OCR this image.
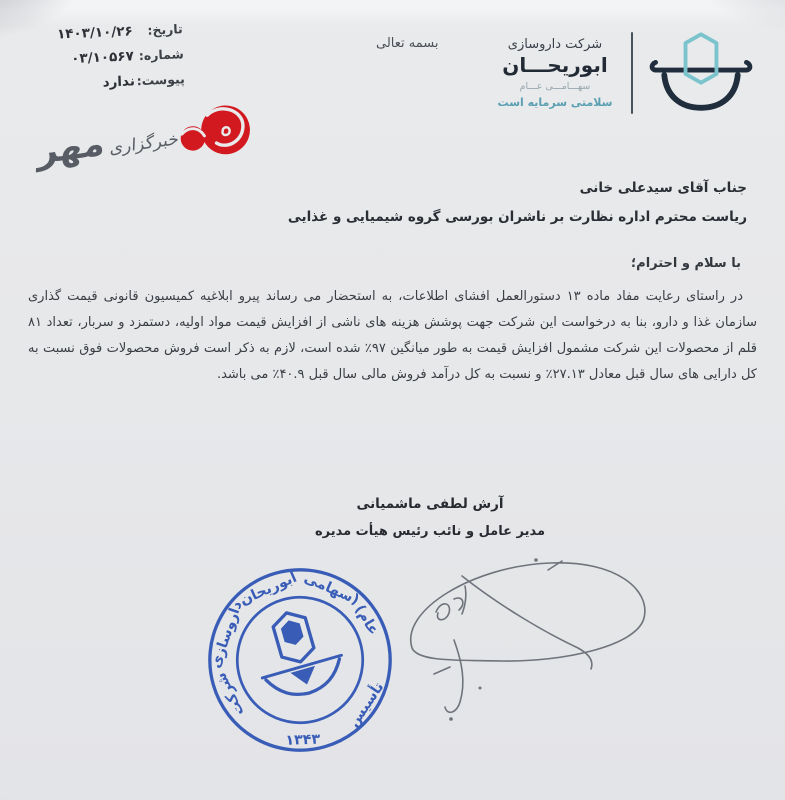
تاریخ:
۱۴۰۳/۱۰/۲۶
شماره:
۰۳/۱۰۵۶۷
پیوست:
ندارد
بسمه تعالی	شرکت داروسازی
ابوریحـــان
سهـــامـــی عـــام
سلامتی سرمایه است
خبرگزاری مهر
جناب آقای سیدعلی خانی
ریاست محترم اداره نظارت بر ناشران بورسی گروه شیمیایی و غذایی
با سلام و احترام؛
در راستای رعایت مفاد ماده ۱۳ دستورالعمل افشای اطلاعات، به استحضار می رساند پیرو ابلاغیه کمیسیون قانونی قیمت گذاری سازمان غذا و دارو، بنا به درخواست این شرکت جهت پوشش هزینه های ناشی از افزایش قیمت مواد اولیه، دستمزد و سربار، تعداد ۸۱ قلم از محصولات این شرکت مشمول افزایش قیمت به طور میانگین ۹۷٪ شده است، لازم به ذکر است فروش محصولات فوق نسبت به کل دارایی های سال قبل معادل ۲۷.۱۳٪ و نسبت به کل درآمد فروش مالی سال قبل ۴۰.۹٪ می باشد.
آرش لطفی ماشمیانی
مدیر عامل و نائب رئیس هیأت مدیره
شرکت
داروسازی
ابوریحان (سهامی
عام)
تأسیس
۱۳۴۳
